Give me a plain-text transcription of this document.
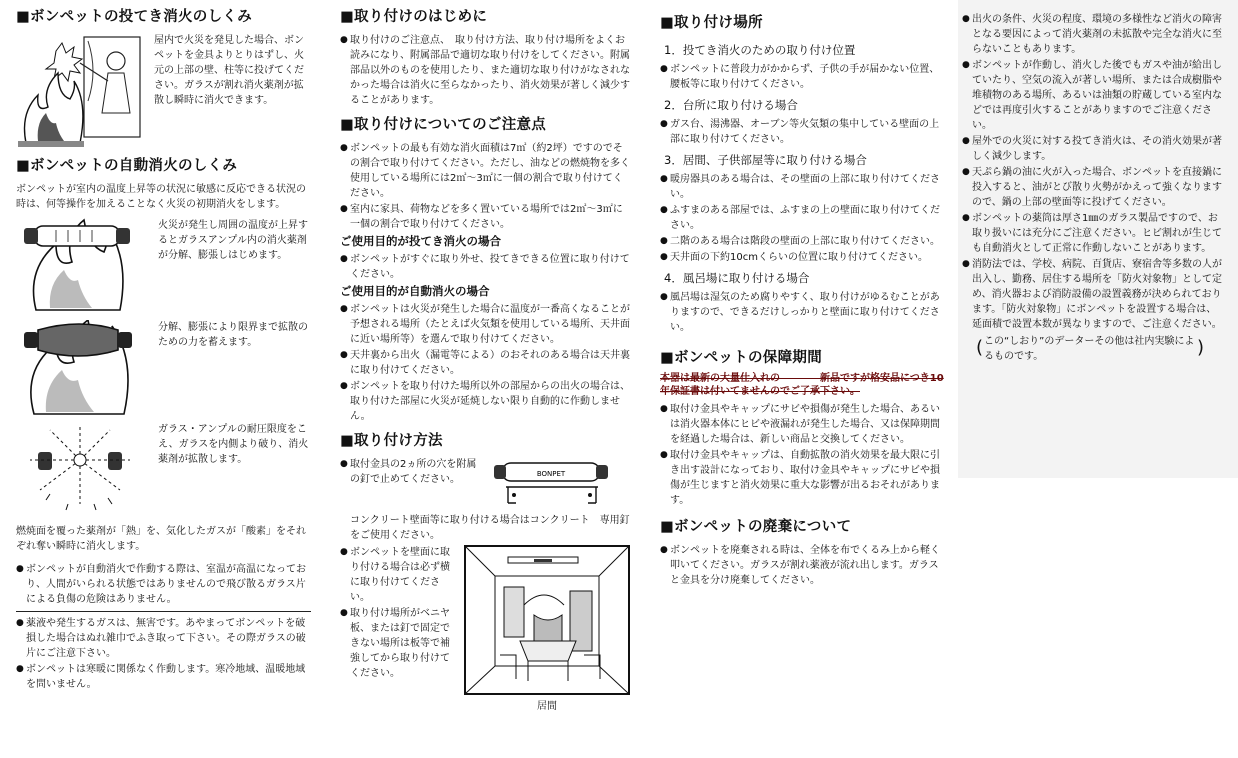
■ボンペットの投てき消火のしくみ
屋内で火災を発見した場合、ボンペットを金具よりとりはずし、火元の上部の壁、柱等に投げてください。ガラスが割れ消火薬剤が拡散し瞬時に消火できます。
■ボンペットの自動消火のしくみ
ボンペットが室内の温度上昇等の状況に敏感に反応できる状況の時は、何等操作を加えることなく火災の初期消火をします。
火災が発生し周囲の温度が上昇するとガラスアンプル内の消火薬剤が分解、膨張しはじめます。
分解、膨張により限界まで拡散のための力を蓄えます。
ガラス・アンプルの耐圧限度をこえ、ガラスを内側より破り、消火薬剤が拡散します。
燃焼面を覆った薬剤が「熱」を、気化したガスが「酸素」をそれぞれ奪い瞬時に消火します。
● ボンペットが自動消火で作動する際は、室温が高温になっており、人間がいられる状態ではありませんので飛び散るガラス片による負傷の危険はありません。
● 薬液や発生するガスは、無害です。あやまってボンペットを破損した場合はぬれ雑巾でふき取って下さい。その際ガラスの破片にご注意下さい。
● ボンペットは寒暖に関係なく作動します。寒冷地域、温暖地域を問いません。
■取り付けのはじめに
● 取り付けのご注意点、　取り付け方法、取り付け場所をよくお読みになり、附属部品で適切な取り付けをしてください。附属部品以外のものを使用したり、また適切な取り付けがなされなかった場合は消火に至らなかったり、消火効果が著しく減少することがあります。
■取り付けについてのご注意点
● ボンペットの最も有効な消火面積は7㎡（約2坪）ですのでその割合で取り付けてください。ただし、油などの燃焼物を多く使用している場所には2㎡～3㎡に一個の割合で取り付けてください。
● 室内に家具、荷物などを多く置いている場所では2㎡～3㎡に一個の割合で取り付けてください。
ご使用目的が投てき消火の場合
● ボンペットがすぐに取り外せ、投てきできる位置に取り付けてください。
ご使用目的が自動消火の場合
● ボンペットは火災が発生した場合に温度が一番高くなることが予想される場所（たとえば火気類を使用している場所、天井面に近い場所等）を選んで取り付けてください。
● 天井裏から出火（漏電等による）のおそれのある場合は天井裏に取り付けてください。
● ボンペットを取り付けた場所以外の部屋からの出火の場合は、取り付けた部屋に火災が延焼しない限り自動的に作動しません。
■取り付け方法
● 取付金具の2ヵ所の穴を附属の釘で止めてください。	BONPET
コンクリート壁面等に取り付ける場合はコンクリート　専用釘をご使用ください。
● ボンペットを壁面に取り付ける場合は必ず横に取り付けてください。
● 取り付け場所がベニヤ板、または釘で固定できない場所は板等で補強してから取り付けてください。
居間
■取り付け場所
1．投てき消火のための取り付け位置
● ボンペットに普段力がかからず、子供の手が届かない位置、腰板等に取り付けてください。
2．台所に取り付ける場合
● ガス台、湯沸器、オーブン等火気類の集中している壁面の上部に取り付けてください。
3．居間、子供部屋等に取り付ける場合
● 暖房器具のある場合は、その壁面の上部に取り付けてください。
● ふすまのある部屋では、ふすまの上の壁面に取り付けてください。
● 二階のある場合は階段の壁面の上部に取り付けてください。
● 天井面の下約10cmくらいの位置に取り付けてください。
4．風呂場に取り付ける場合
● 風呂場は湿気のため腐りやすく、取り付けがゆるむことがありますので、できるだけしっかりと壁面に取り付けてください。
■ボンペットの保障期間
本器は最新の大量仕入れの　　　　新品ですが格安品につき10年保証書は付いてませんのでご了承下さい。
● 取付け金具やキャップにサビや損傷が発生した場合、あるいは消火器本体にヒビや液漏れが発生した場合、又は保障期間を経過した場合は、新しい商品と交換してください。
● 取付け金具やキャップは、自動拡散の消火効果を最大限に引き出す設計になっており、取付け金具やキャップにサビや損傷が生じますと消火効果に重大な影響が出るおそれがあります。
■ボンペットの廃棄について
● ボンペットを廃棄される時は、全体を布でくるみ上から軽く叩いてください。ガラスが割れ薬液が流れ出します。ガラスと金具を分け廃棄してください。
● 出火の条件、火災の程度、環境の多様性など消火の障害となる要因によって消火薬剤の未拡散や完全な消火に至らないこともあります。
● ボンペットが作動し、消火した後でもガスや油が給出していたり、空気の流入が著しい場所、または合成樹脂や堆積物のある場所、あるいは油類の貯蔵している室内などでは再度引火することがありますのでご注意ください。
● 屋外での火災に対する投てき消火は、その消火効果が著しく減少します。
● 天ぷら鍋の油に火が入った場合、ボンペットを直接鍋に投入すると、油がとび散り火勢がかえって強くなりますので、鍋の上部の壁面等に投げてください。
● ボンペットの薬筒は厚さ1㎜のガラス製品ですので、お取り扱いには充分にご注意ください。ヒビ割れが生じても自動消火として正常に作動しないことがあります。
● 消防法では、学校、病院、百貨店、寮宿舎等多数の人が出入し、勤務、居住する場所を「防火対象物」として定め、消火器および消防設備の設置義務が決められております。「防火対象物」にボンペットを設置する場合は、延面積で設置本数が異なりますので、ご注意ください。
( この“しおり”のデーターその他は社内実験によるものです。 )
